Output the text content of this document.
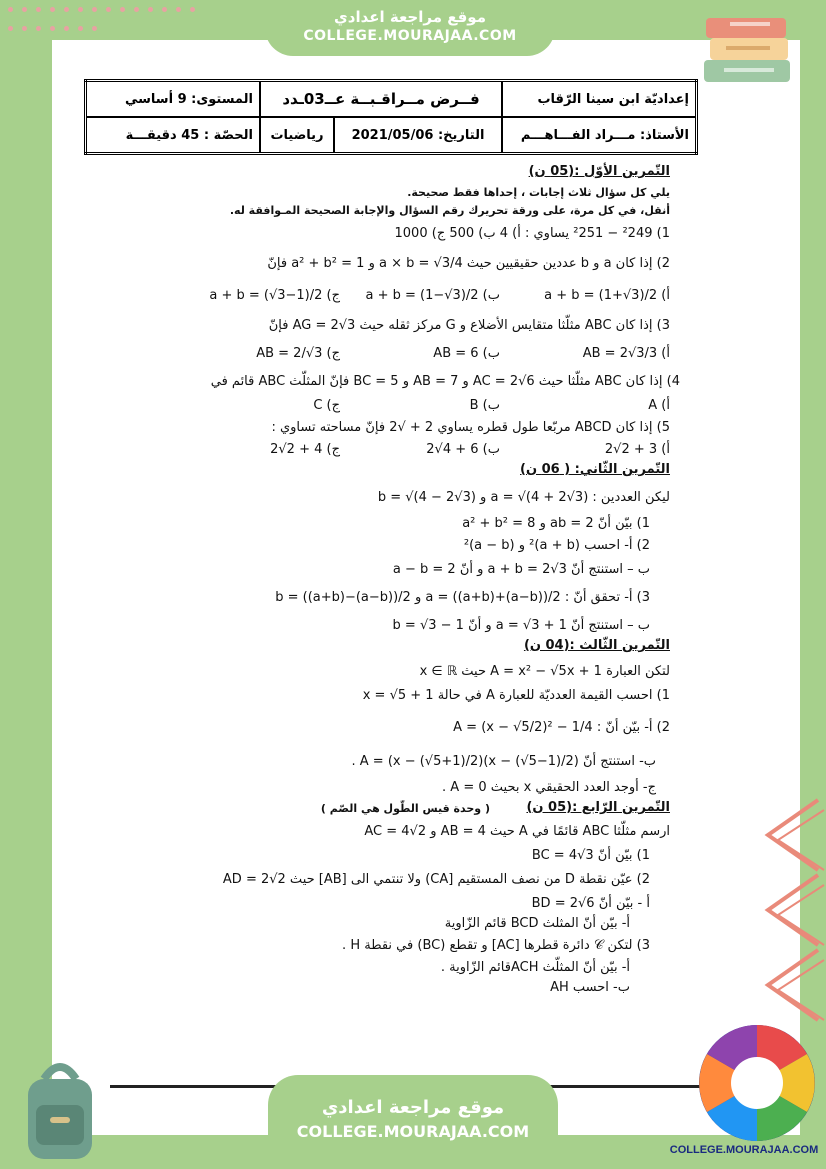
موقع مراجعة اعدادي
COLLEGE.MOURAJAA.COM
إعداديّة ابن سينا الرّقاب	فــرض مــراقـبــة عــ03ـدد		المستوى: 9 أساسي
الأستاذ: مـــراد الفـــاهـــم	التاريخ: 2021/05/06	رياضيات	الحصّة : 45 دقيقـــة
التّمرين الأوّل :(05 ن)
يلي كل سؤال ثلاث إجابات ، إحداها فقط صحيحة.
أنقل، في كل مرة، على ورقة تحريرك رقم السؤال والإجابة الصحيحة المـوافقة له.
1) ²249 − ²251 يساوي : أ) 4 ب) 500 ج) 1000
2) إذا كان a و b عددين حقيقيين حيث a × b = √3/4 و a² + b² = 1 فإنّ
أ) a + b = (1+√3)/2
ب) a + b = (1−√3)/2
ج) a + b = (√3−1)/2
3) إذا كان ABC مثلّثا متقايس الأضلاع و G مركز ثقله حيث AG = 2√3 فإنّ
أ) AB = 2√3/3
ب) AB = 6
ج) AB = 2/√3
4) إذا كان ABC مثلّثا حيث AC = 2√6 و AB = 7 و BC = 5 فإنّ المثلّث ABC قائم في
أ) A
ب) B
ج) C
5) إذا كان ABCD مربّعا طول قطره يساوي 2 + √2 فإنّ مساحته تساوي :
أ) 3 + 2√2
ب) 6 + 4√2
ج) 4 + 2√2
التّمرين الثّاني: ( 06 ن)
ليكن العددين : a = √(4 + 2√3) و b = √(4 − 2√3)
1) بيّن أنّ ab = 2 و a² + b² = 8
2) أ- احسب (a + b)² و (a − b)²
ب – استنتج أنّ a + b = 2√3 و أنّ a − b = 2
3) أ- تحقق أنّ : a = ((a+b)+(a−b))/2 و b = ((a+b)−(a−b))/2
ب – استنتج أنّ a = √3 + 1 و أنّ b = √3 − 1
التّمرين الثّالث :(04 ن)
لتكن العبارة A = x² − √5x + 1 حيث x ∈ ℝ
1) احسب القيمة العدديّة للعبارة A في حالة x = √5 + 1
2) أ- بيّن أنّ : A = (x − √5/2)² − 1/4
ب- استنتج أنّ A = (x − (√5+1)/2)(x − (√5−1)/2) .
ج- أوجد العدد الحقيقي x بحيث A = 0 .
التّمرين الرّابع :(05 ن)
( وحدة قيس الطّول هي الصّم )
ارسم مثلّثا ABC قائمًا في A حيث AB = 4 و AC = 4√2
1) بيّن أنّ BC = 4√3
2) عيّن نقطة D من نصف المستقيم [CA) ولا تنتمي الى [AB] حيث AD = 2√2
أ - بيّن أنّ BD = 2√6
أ- بيّن أنّ المثلث BCD قائم الزّاوية
3) لتكن 𝒞 دائرة قطرها [AC] و تقطع (BC) في نقطة H .
أ- بيّن أنّ المثلّث ACHقائم الزّاوية .
ب- احسب AH
موقع مراجعة اعدادي
COLLEGE.MOURAJAA.COM
COLLEGE.MOURAJAA.COM
